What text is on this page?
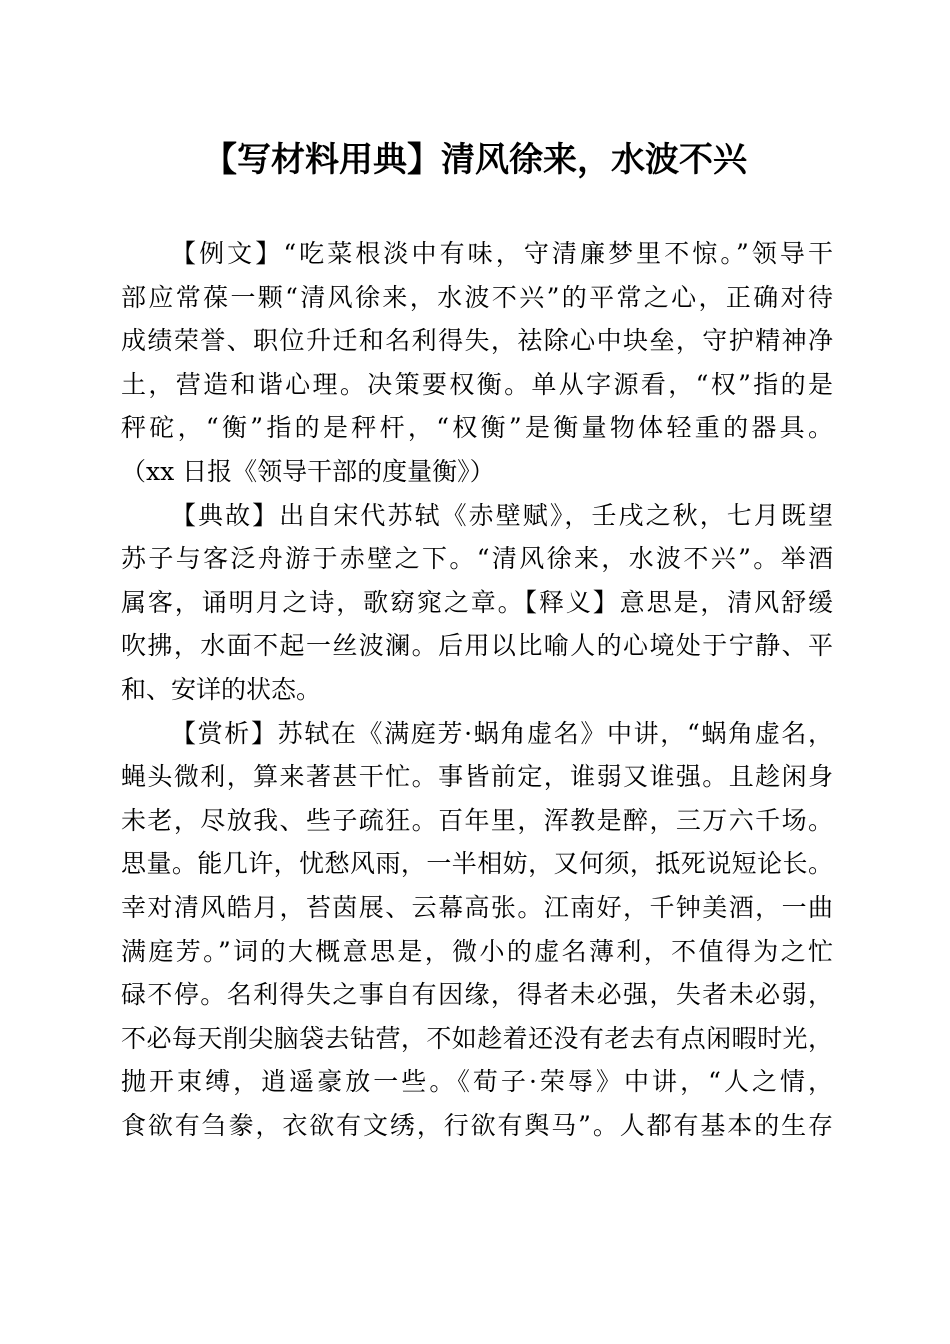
【写材料用典】清风徐来，水波不兴
【例文】“吃菜根淡中有味，守清廉梦里不惊。”领导干
部应常葆一颗“清风徐来，水波不兴”的平常之心，正确对待
成绩荣誉、职位升迁和名利得失，祛除心中块垒，守护精神净
土，营造和谐心理。决策要权衡。单从字源看，“权”指的是
秤砣，“衡”指的是秤杆，“权衡”是衡量物体轻重的器具。
（xx 日报《领导干部的度量衡》）
【典故】出自宋代苏轼《赤壁赋》，壬戌之秋，七月既望
苏子与客泛舟游于赤壁之下。“清风徐来，水波不兴”。举酒
属客，诵明月之诗，歌窈窕之章。【释义】意思是，清风舒缓
吹拂，水面不起一丝波澜。后用以比喻人的心境处于宁静、平
和、安详的状态。
【赏析】苏轼在《满庭芳·蜗角虚名》中讲，“蜗角虚名，
蝇头微利，算来著甚干忙。事皆前定，谁弱又谁强。且趁闲身
未老，尽放我、些子疏狂。百年里，浑教是醉，三万六千场。
思量。能几许，忧愁风雨，一半相妨，又何须，抵死说短论长。
幸对清风皓月，苔茵展、云幕高张。江南好，千钟美酒，一曲
满庭芳。”词的大概意思是，微小的虚名薄利，不值得为之忙
碌不停。名利得失之事自有因缘，得者未必强，失者未必弱，
不必每天削尖脑袋去钻营，不如趁着还没有老去有点闲暇时光，
抛开束缚，逍遥豪放一些。《荀子·荣辱》中讲，“人之情，
食欲有刍豢，衣欲有文绣，行欲有舆马”。人都有基本的生存
